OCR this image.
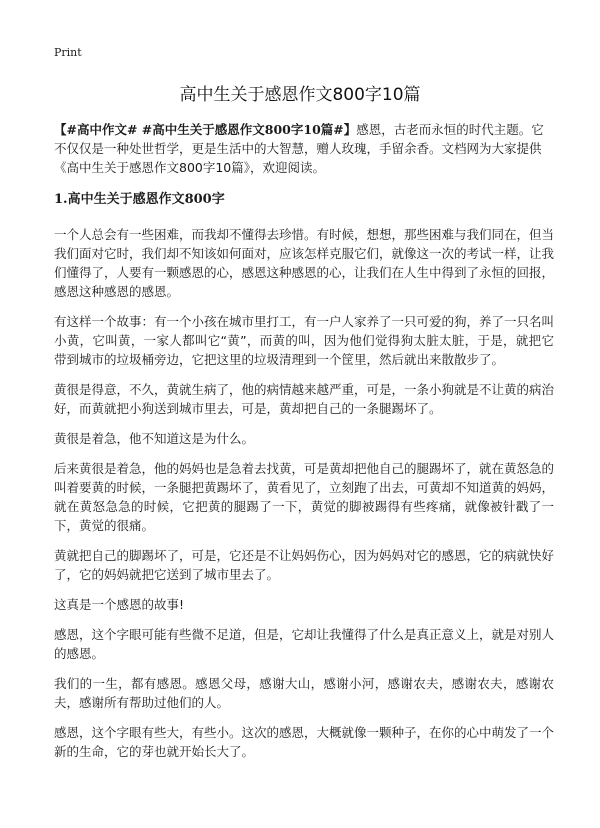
Print
高中生关于感恩作文800字10篇

【#高中作文# #高中生关于感恩作文800字10篇#】感恩，古老而永恒的时代主题。它不仅仅是一种处世哲学，更是生活中的大智慧，赠人玫瑰，手留余香。文档网为大家提供《高中生关于感恩作文800字10篇》，欢迎阅读。

1.高中生关于感恩作文800字

一个人总会有一些困难，而我却不懂得去珍惜。有时候，想想，那些困难与我们同在，但当我们面对它时，我们却不知该如何面对，应该怎样克服它们，就像这一次的考试一样，让我们懂得了，人要有一颗感恩的心，感恩这种感恩的心，让我们在人生中得到了永恒的回报，感恩这种感恩的感恩。

有这样一个故事：有一个小孩在城市里打工，有一户人家养了一只可爱的狗，养了一只名叫小黄，它叫黄，一家人都叫它“黄”，而黄的叫，因为他们觉得狗太脏太脏，于是，就把它带到城市的垃圾桶旁边，它把这里的垃圾清理到一个筐里，然后就出来散散步了。

黄很是得意，不久，黄就生病了，他的病情越来越严重，可是，一条小狗就是不让黄的病治好，而黄就把小狗送到城市里去，可是，黄却把自己的一条腿踢坏了。

黄很是着急，他不知道这是为什么。

后来黄很是着急，他的妈妈也是急着去找黄，可是黄却把他自己的腿踢坏了，就在黄怒急的叫着要黄的时候，一条腿把黄踢坏了，黄看见了，立刻跑了出去，可黄却不知道黄的妈妈，就在黄怒急急的时候，它把黄的腿踢了一下，黄觉的脚被踢得有些疼痛，就像被针戳了一下，黄觉的很痛。

黄就把自己的脚踢坏了，可是，它还是不让妈妈伤心，因为妈妈对它的感恩，它的病就快好了，它的妈妈就把它送到了城市里去了。

这真是一个感恩的故事!

感恩，这个字眼可能有些微不足道，但是，它却让我懂得了什么是真正意义上，就是对别人的感恩。

我们的一生，都有感恩。感恩父母，感谢大山，感谢小河，感谢农夫，感谢农夫，感谢农夫，感谢所有帮助过他们的人。

感恩，这个字眼有些大，有些小。这次的感恩，大概就像一颗种子，在你的心中萌发了一个新的生命，它的芽也就开始长大了。
